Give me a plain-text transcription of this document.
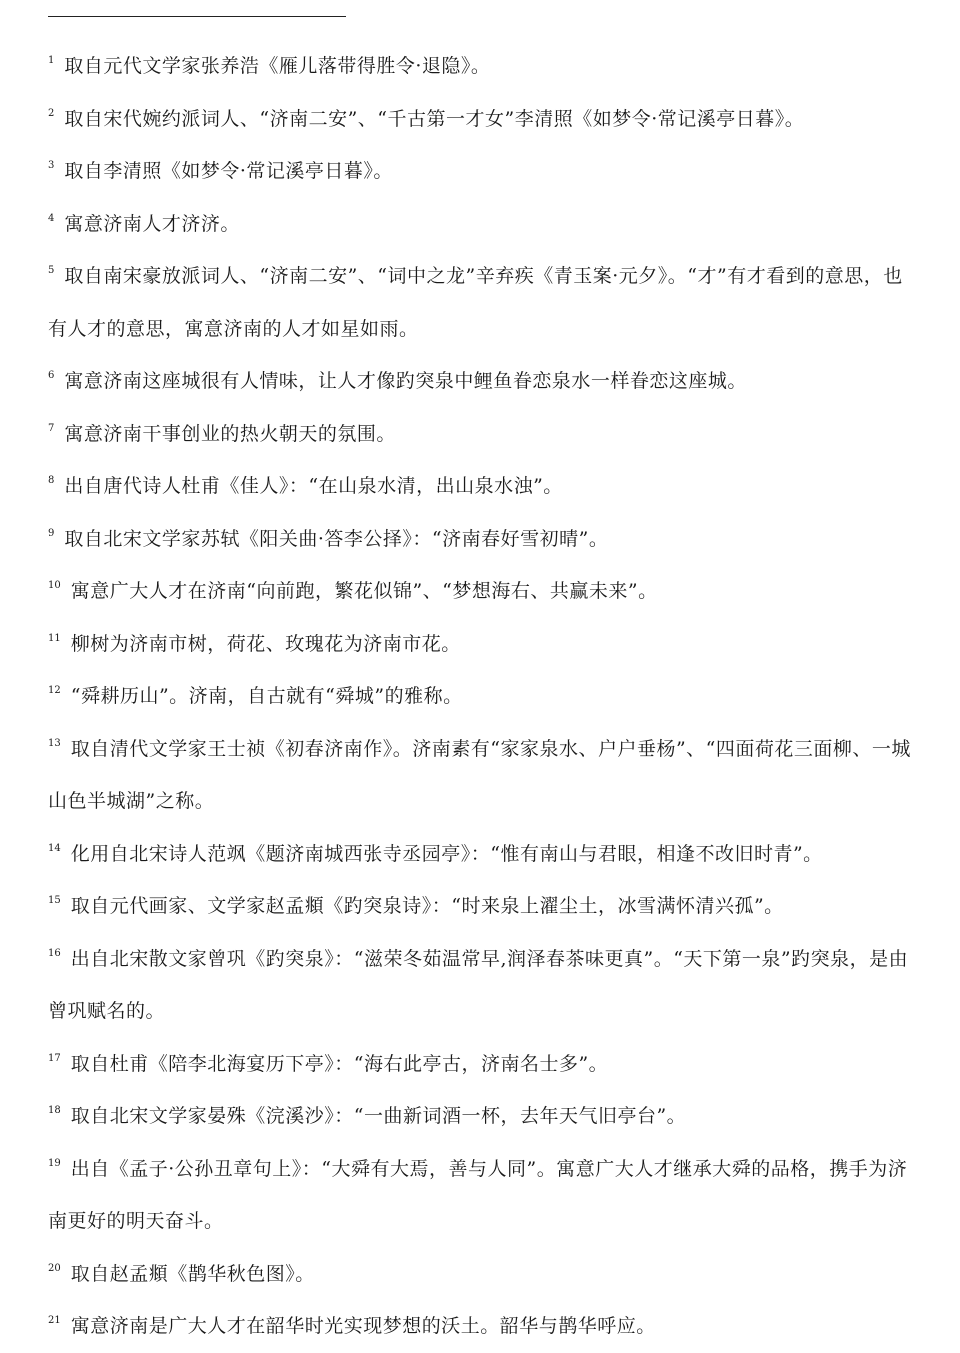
$^1$ 取自元代文学家张养浩《雁儿落带得胜令·退隐》。
$^2$ 取自宋代婉约派词人、“济南二安”、“千古第一才女”李清照《如梦令·常记溪亭日暮》。
$^3$ 取自李清照《如梦令·常记溪亭日暮》。
$^4$ 寓意济南人才济济。
$^5$ 取自南宋豪放派词人、“济南二安”、“词中之龙”辛弃疾《青玉案·元夕》。“才”有才看到的意思，也有人才的意思，寓意济南的人才如星如雨。
$^6$ 寓意济南这座城很有人情味，让人才像趵突泉中鲤鱼眷恋泉水一样眷恋这座城。
$^7$ 寓意济南干事创业的热火朝天的氛围。
$^8$ 出自唐代诗人杜甫《佳人》：“在山泉水清，出山泉水浊”。
$^9$ 取自北宋文学家苏轼《阳关曲·答李公择》：“济南春好雪初晴”。
$^{10}$ 寓意广大人才在济南“向前跑，繁花似锦”、“梦想海右、共赢未来”。
$^{11}$ 柳树为济南市树，荷花、玫瑰花为济南市花。
$^{12}$ “舜耕历山”。济南，自古就有“舜城”的雅称。
$^{13}$ 取自清代文学家王士祯《初春济南作》。济南素有“家家泉水、户户垂杨”、“四面荷花三面柳、一城山色半城湖”之称。
$^{14}$ 化用自北宋诗人范飒《题济南城西张寺丞园亭》：“惟有南山与君眼，相逢不改旧时青”。
$^{15}$ 取自元代画家、文学家赵孟頫《趵突泉诗》：“时来泉上濯尘土，冰雪满怀清兴孤”。
$^{16}$ 出自北宋散文家曾巩《趵突泉》：“滋荣冬茹温常早,润泽春茶味更真”。“天下第一泉”趵突泉，是由曾巩赋名的。
$^{17}$ 取自杜甫《陪李北海宴历下亭》：“海右此亭古，济南名士多”。
$^{18}$ 取自北宋文学家晏殊《浣溪沙》：“一曲新词酒一杯，去年天气旧亭台”。
$^{19}$ 出自《孟子·公孙丑章句上》：“大舜有大焉，善与人同”。寓意广大人才继承大舜的品格，携手为济南更好的明天奋斗。
$^{20}$ 取自赵孟頫《鹊华秋色图》。
$^{21}$ 寓意济南是广大人才在韶华时光实现梦想的沃土。韶华与鹊华呼应。
